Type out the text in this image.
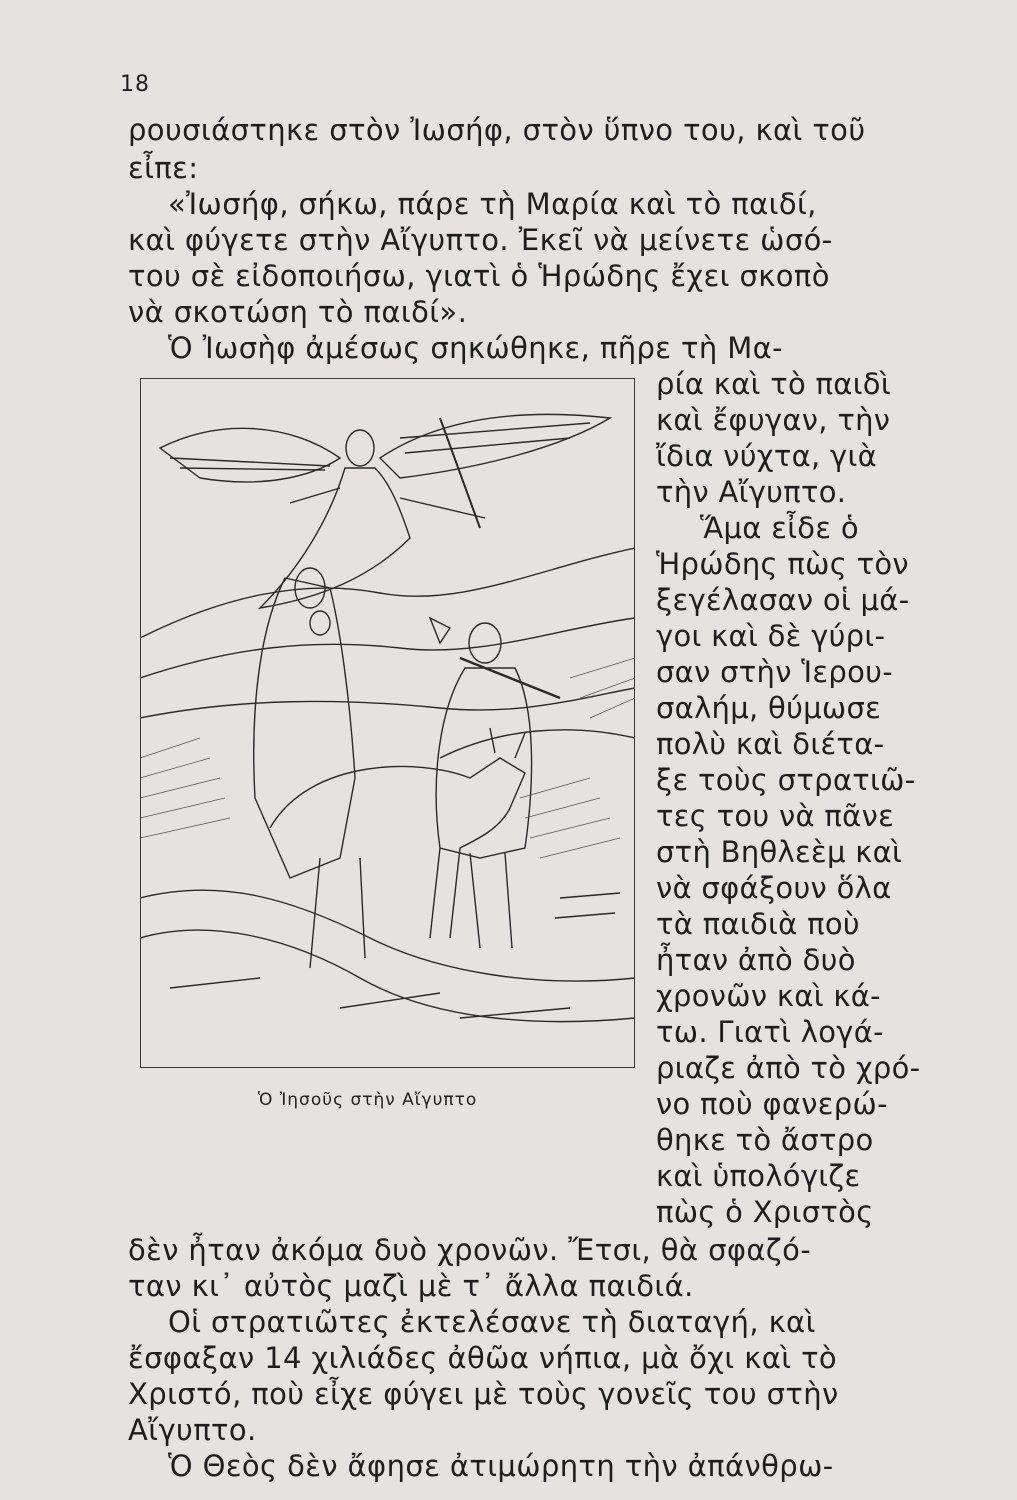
18
ρουσιάστηκε στὸν Ἰωσήφ, στὸν ὕπνο του, καὶ τοῦ
εἶπε:
«Ἰωσήφ, σήκω, πάρε τὴ Μαρία καὶ τὸ παιδί,
καὶ φύγετε στὴν Αἴγυπτο. Ἐκεῖ νὰ μείνετε ὡσό-
του σὲ εἰδοποιήσω, γιατὶ ὁ Ἡρώδης ἔχει σκοπὸ
νὰ σκοτώση τὸ παιδί».
Ὁ Ἰωσὴφ ἀμέσως σηκώθηκε, πῆρε τὴ Μα-
ρία καὶ τὸ παιδὶ
καὶ ἔφυγαν, τὴν
ἴδια νύχτα, γιὰ
τὴν Αἴγυπτο.
Ἅμα εἶδε ὁ
Ἡρώδης πὼς τὸν
ξεγέλασαν οἱ μά-
γοι καὶ δὲ γύρι-
σαν στὴν Ἱερου-
σαλήμ, θύμωσε
πολὺ καὶ διέτα-
ξε τοὺς στρατιῶ-
τες του νὰ πᾶνε
στὴ Βηθλεὲμ καὶ
νὰ σφάξουν ὅλα
τὰ παιδιὰ ποὺ
ἦταν ἀπὸ δυὸ
χρονῶν καὶ κά-
τω. Γιατὶ λογά-
ριαζε ἀπὸ τὸ χρό-
νο ποὺ φανερώ-
θηκε τὸ ἄστρο
καὶ ὑπολόγιζε
πὼς ὁ Χριστὸς
Ὁ Ἰησοῦς στὴν Αἴγυπτο
δὲν ἦταν ἀκόμα δυὸ χρονῶν. Ἔτσι, θὰ σφαζό-
ταν κι᾿ αὐτὸς μαζὶ μὲ τ᾿ ἄλλα παιδιά.
Οἱ στρατιῶτες ἐκτελέσανε τὴ διαταγή, καὶ
ἔσφαξαν 14 χιλιάδες ἀθῶα νήπια, μὰ ὄχι καὶ τὸ
Χριστό, ποὺ εἶχε φύγει μὲ τοὺς γονεῖς του στὴν
Αἴγυπτο.
Ὁ Θεὸς δὲν ἄφησε ἀτιμώρητη τὴν ἀπάνθρω-
